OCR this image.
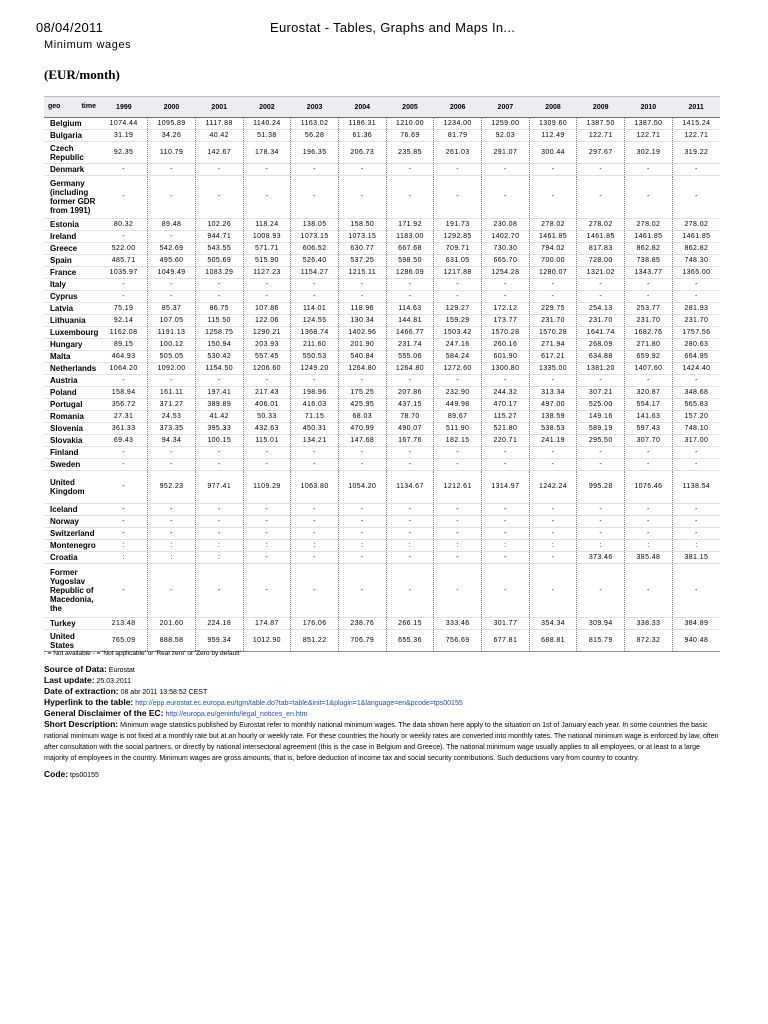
08/04/2011	Eurostat - Tables, Graphs and Maps In...
Minimum wages
(EUR/month)
geo time	1999	2000	2001	2002	2003	2004	2005	2006	2007	2008	2009	2010	2011
Belgium	1074.44	1095.89	1117.88	1140.24	1163.02	1186.31	1210.00	1234.00	1259.00	1309.60	1387.50	1387.50	1415.24
Bulgaria	31.19	34.26	40.42	51.38	56.28	61.36	76.69	81.79	92.03	112.49	122.71	122.71	122.71
Czech Republic	92.35	110.79	142.67	178.34	196.35	206.73	235.85	261.03	291.07	300.44	297.67	302.19	319.22
Denmark	-	-	-	-	-	-	-	-	-	-	-	-	-
Germany (including former GDR from 1991)	-	-	-	-	-	-	-	-	-	-	-	-	-
Estonia	80.32	89.48	102.26	118.24	138.05	158.50	171.92	191.73	230.08	278.02	278.02	278.02	278.02
Ireland	-	-	944.71	1008.93	1073.15	1073.15	1183.00	1292.85	1402.70	1461.85	1461.85	1461.85	1461.85
Greece	522.00	542.69	543.55	571.71	606.52	630.77	667.68	709.71	730.30	794.02	817.83	862.82	862.82
Spain	485.71	495.60	505.69	515.90	526.40	537.25	598.50	631.05	665.70	700.00	728.00	738.85	748.30
France	1035.97	1049.49	1083.29	1127.23	1154.27	1215.11	1286.09	1217.88	1254.28	1280.07	1321.02	1343.77	1365.00
Italy	-	-	-	-	-	-	-	-	-	-	-	-	-
Cyprus	-	-	-	-	-	-	-	-	-	-	-	-	-
Latvia	75.19	85.37	86.75	107.86	114.01	118.96	114.63	129.27	172.12	229.75	254.13	253.77	281.93
Lithuania	92.14	107.05	115.50	122.06	124.55	130.34	144.81	159.29	173.77	231.70	231.70	231.70	231.70
Luxembourg	1162.08	1191.13	1258.75	1290.21	1368.74	1402.96	1466.77	1503.42	1570.28	1570.28	1641.74	1682.76	1757.56
Hungary	89.15	100.12	150.94	203.93	211.60	201.90	231.74	247.16	260.16	271.94	268.09	271.80	280.63
Malta	464.93	505.05	530.42	557.45	550.53	540.84	555.06	584.24	601.90	617.21	634.88	659.92	664.95
Netherlands	1064.20	1092.00	1154.50	1206.60	1249.20	1264.80	1264.80	1272.60	1300.80	1335.00	1381.20	1407.60	1424.40
Austria	-	-	-	-	-	-	-	-	-	-	-	-	-
Poland	158.94	161.11	197.41	217.43	198.96	175.25	207.86	232.90	244.32	313.34	307.21	320.87	348.68
Portugal	356.72	371.27	389.89	406.01	416.03	425.95	437.15	449.98	470.17	497.00	525.00	554.17	565.83
Romania	27.31	24.53	41.42	50.33	71.15	68.03	78.70	89.67	115.27	138.59	149.16	141.63	157.20
Slovenia	361.33	373.35	395.33	432.63	450.31	470.99	490.07	511.90	521.80	538.53	589.19	597.43	748.10
Slovakia	69.43	94.34	100.15	115.01	134.21	147.68	167.76	182.15	220.71	241.19	295.50	307.70	317.00
Finland	-	-	-	-	-	-	-	-	-	-	-	-	-
Sweden	-	-	-	-	-	-	-	-	-	-	-	-	-
United Kingdom	-	952.23	977.41	1109.29	1063.80	1054.20	1134.67	1212.61	1314.97	1242.24	995.28	1076.46	1138.54
Iceland	-	-	-	-	-	-	-	-	-	-	-	-	-
Norway	-	-	-	-	-	-	-	-	-	-	-	-	-
Switzerland	-	-	-	-	-	-	-	-	-	-	-	-	-
Montenegro	:	:	:	:	:	:	:	:	:	:	:	:	:
Croatia	:	:	:	-	-	-	-	-	-	-	373.46	385.48	381.15
Former Yugoslav Republic of Macedonia, the	-	-	-	-	-	-	-	-	-	-	-	-	-
Turkey	213.48	201.60	224.18	174.87	176.06	238.76	266.15	333.46	301.77	354.34	309.94	338.33	384.89
United States	765.09	888.58	959.34	1012.90	851.22	706.79	655.36	756.69	677.81	688.81	815.79	872.32	940.48
: = Not available - = 'Not applicable' or 'Real zero' or 'Zero by default'
Source of Data: Eurostat
Last update: 25.03.2011
Date of extraction: 08 abr 2011 13:58:52 CEST
Hyperlink to the table: http://epp.eurostat.ec.europa.eu/tgm/table.do?tab=table&init=1&plugin=1&language=en&pcode=tps00155
General Disclaimer of the EC: http://europa.eu/geninfo/legal_notices_en.htm
Short Description: Minimum wage statistics published by Eurostat refer to monthly national minimum wages. The data shown here apply to the situation on 1st of January each year. In some countries the basic national minimum wage is not fixed at a monthly rate but at an hourly or weekly rate. For these countries the hourly or weekly rates are converted into monthly rates. The national minimum wage is enforced by law, often after consultation with the social partners, or directly by national intersectoral agreement (this is the case in Belgium and Greece). The national minimum wage usually applies to all employees, or at least to a large majority of employees in the country. Minimum wages are gross amounts, that is, before deduction of income tax and social security contributions. Such deductions vary from country to country.
Code: tps00155
